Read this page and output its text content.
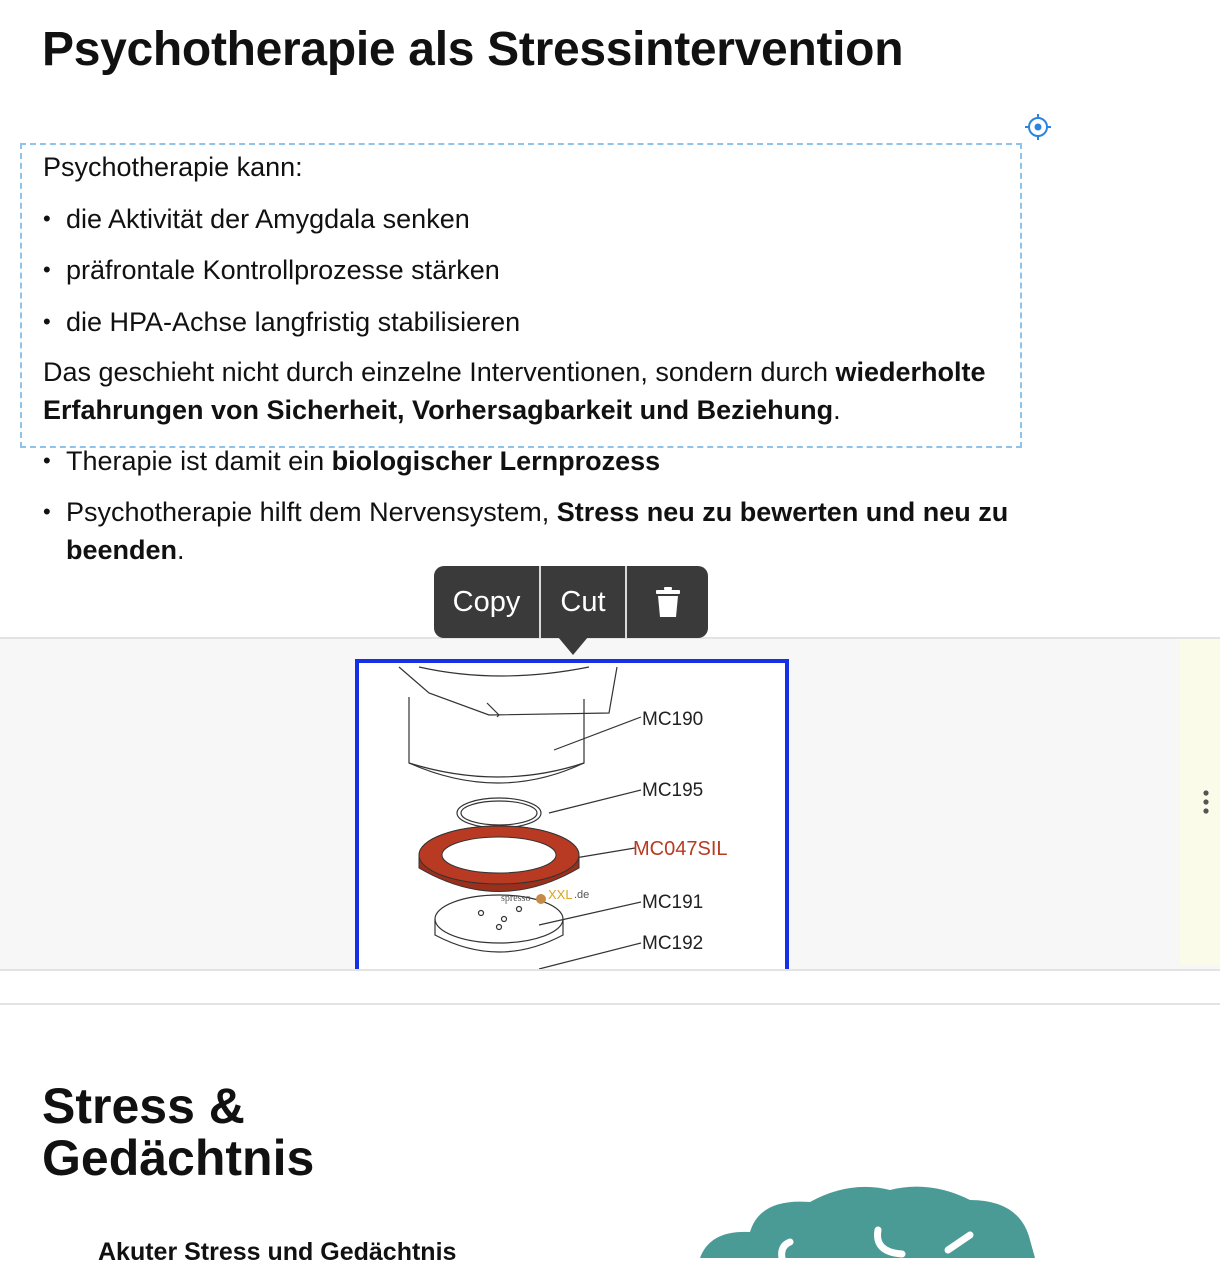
Psychotherapie als Stressintervention
Psychotherapie kann:
• die Aktivität der Amygdala senken
• präfrontale Kontrollprozesse stärken
• die HPA-Achse langfristig stabilisieren
Das geschieht nicht durch einzelne Interventionen, sondern durch wiederholte Erfahrungen von Sicherheit, Vorhersagbarkeit und Beziehung.
• Therapie ist damit ein biologischer Lernprozess
• Psychotherapie hilft dem Nervensystem, Stress neu zu bewerten und neu zu
beenden.
MC190
MC195
MC047SIL
MC191
MC192
spresso XXL .de
Copy	Cut
Stress &
Gedächtnis
Akuter Stress und Gedächtnis
